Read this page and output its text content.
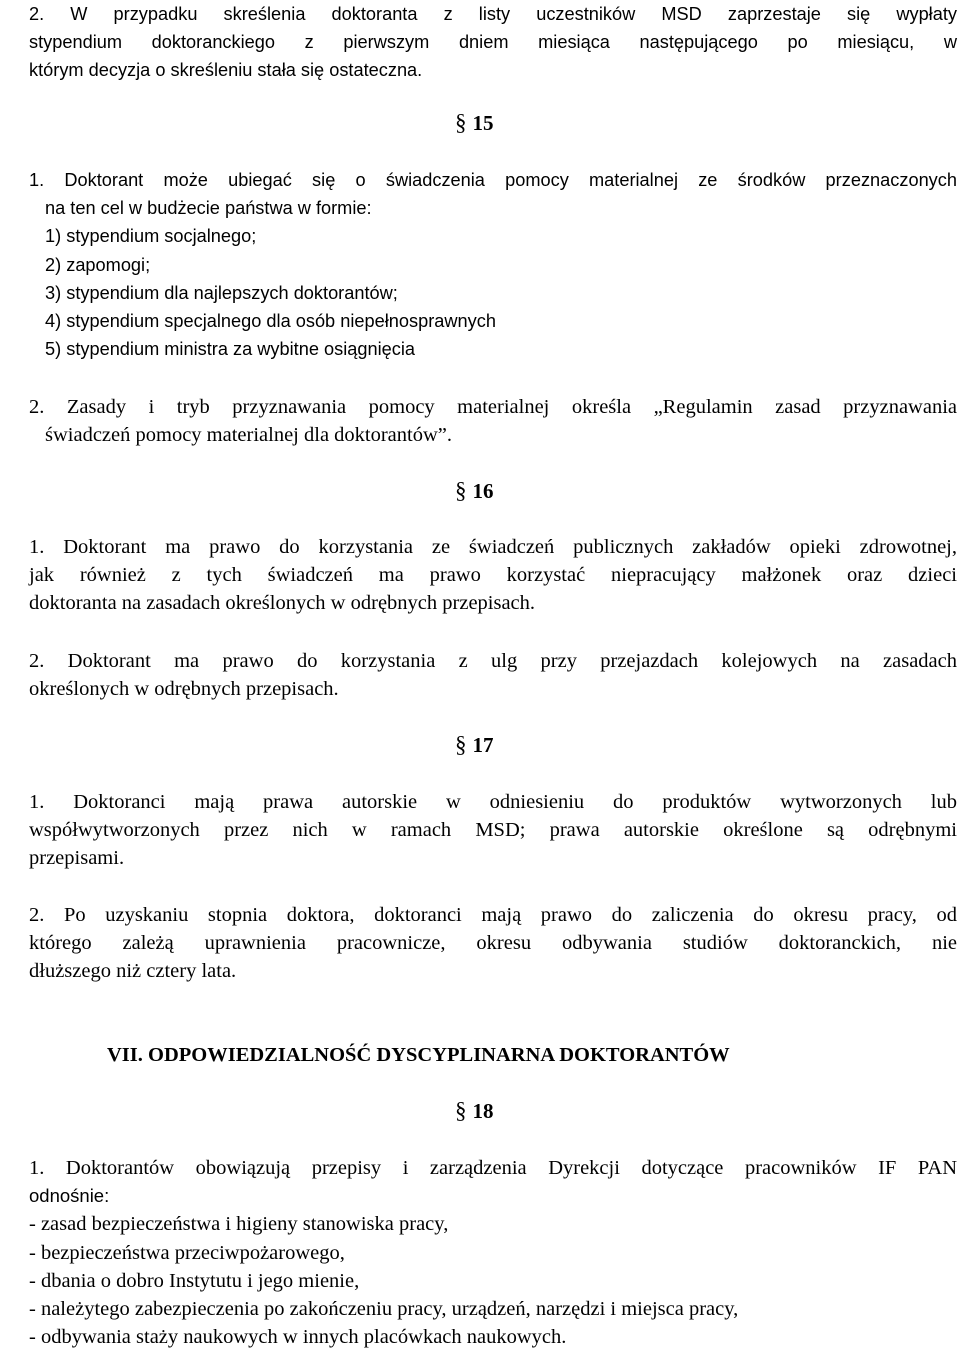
2. W przypadku skreślenia doktoranta z listy uczestników MSD zaprzestaje się wypłaty
stypendium doktoranckiego z pierwszym dniem miesiąca następującego po miesiącu, w
którym decyzja o skreśleniu stała się ostateczna.
§ 15
1. Doktorant może ubiegać się o świadczenia pomocy materialnej ze środków przeznaczonych
na ten cel w budżecie państwa w formie:
1) stypendium socjalnego;
2) zapomogi;
3) stypendium dla najlepszych doktorantów;
4) stypendium specjalnego dla osób niepełnosprawnych
5) stypendium ministra za wybitne osiągnięcia
2. Zasady i tryb przyznawania pomocy materialnej określa „Regulamin zasad przyznawania
świadczeń pomocy materialnej dla doktorantów”.
§ 16
1. Doktorant ma prawo do korzystania ze świadczeń publicznych zakładów opieki zdrowotnej,
jak również z tych świadczeń ma prawo korzystać niepracujący małżonek oraz dzieci
doktoranta na zasadach określonych w odrębnych przepisach.
2. Doktorant ma prawo do korzystania z ulg przy przejazdach kolejowych na zasadach
określonych w odrębnych przepisach.
§ 17
1. Doktoranci mają prawa autorskie w odniesieniu do produktów wytworzonych lub
współwytworzonych przez nich w ramach MSD; prawa autorskie określone są odrębnymi
przepisami.
2. Po uzyskaniu stopnia doktora, doktoranci mają prawo do zaliczenia do okresu pracy, od
którego zależą uprawnienia pracownicze, okresu odbywania studiów doktoranckich, nie
dłuższego niż cztery lata.
VII. ODPOWIEDZIALNOŚĆ DYSCYPLINARNA DOKTORANTÓW
§ 18
1. Doktorantów obowiązują przepisy i zarządzenia Dyrekcji dotyczące pracowników IF PAN
odnośnie:
- zasad bezpieczeństwa i higieny stanowiska pracy,
- bezpieczeństwa przeciwpożarowego,
- dbania o dobro Instytutu i jego mienie,
- należytego zabezpieczenia po zakończeniu pracy, urządzeń, narzędzi i miejsca pracy,
- odbywania staży naukowych w innych placówkach naukowych.
